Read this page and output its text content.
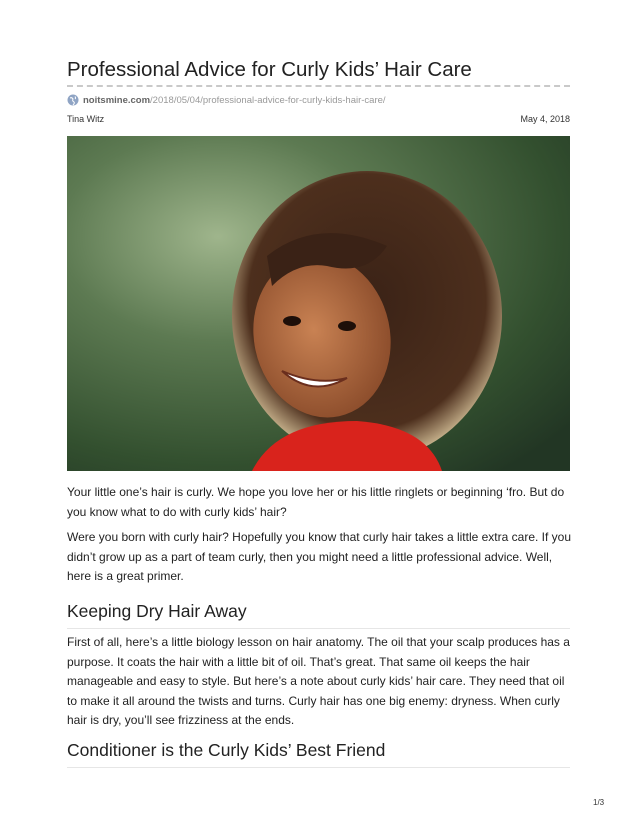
Professional Advice for Curly Kids’ Hair Care
noitsmine.com /2018/05/04/professional-advice-for-curly-kids-hair-care/
Tina Witz	May 4, 2018

Your little one’s hair is curly. We hope you love her or his little ringlets or beginning ‘fro. But do you know what to do with curly kids’ hair?

Were you born with curly hair? Hopefully you know that curly hair takes a little extra care. If you didn’t grow up as a part of team curly, then you might need a little professional advice. Well, here is a great primer.

Keeping Dry Hair Away

First of all, here’s a little biology lesson on hair anatomy. The oil that your scalp produces has a purpose. It coats the hair with a little bit of oil. That’s great. That same oil keeps the hair manageable and easy to style. But here’s a note about curly kids’ hair care. They need that oil to make it all around the twists and turns. Curly hair has one big enemy: dryness. When curly hair is dry, you’ll see frizziness at the ends.

Conditioner is the Curly Kids’ Best Friend
1/3
